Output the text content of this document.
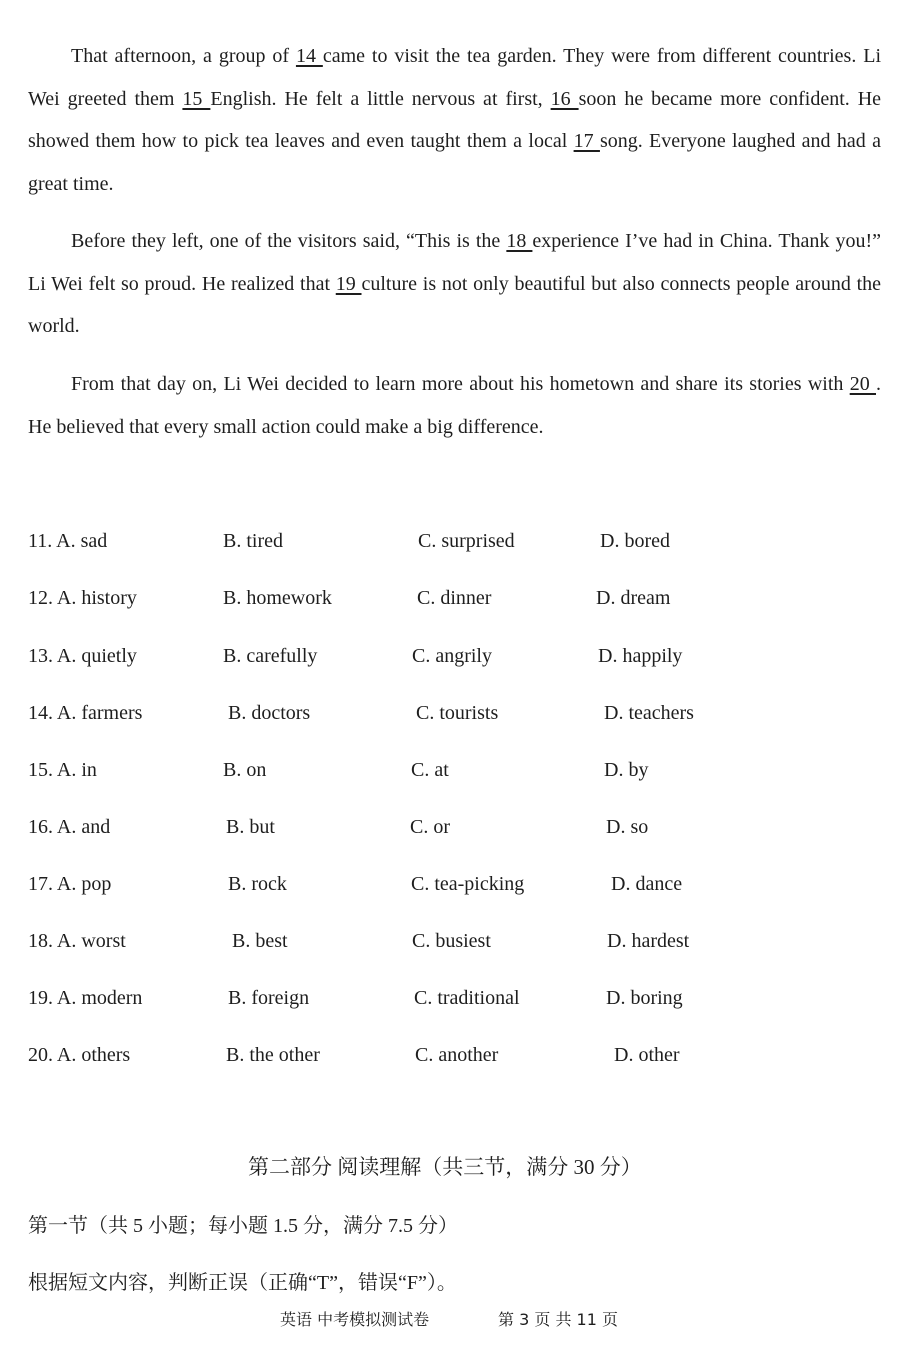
That afternoon, a group of 14 came to visit the tea garden. They were from different countries. Li Wei greeted them 15 English. He felt a little nervous at first, 16 soon he became more confident. He showed them how to pick tea leaves and even taught them a local 17 song. Everyone laughed and had a great time.

Before they left, one of the visitors said, “This is the 18 experience I’ve had in China. Thank you!” Li Wei felt so proud. He realized that 19 culture is not only beautiful but also connects people around the world.

From that day on, Li Wei decided to learn more about his hometown and share its stories with 20 . He believed that every small action could make a big difference.

11. A. sad	B. tired	C. surprised	D. bored
12. A. history	B. homework	C. dinner	D. dream
13. A. quietly	B. carefully	C. angrily	D. happily
14. A. farmers	B. doctors	C. tourists	D. teachers
15. A. in	B. on	C. at	D. by
16. A. and	B. but	C. or	D. so
17. A. pop	B. rock	C. tea-picking	D. dance
18. A. worst	B. best	C. busiest	D. hardest
19. A. modern	B. foreign	C. traditional	D. boring
20. A. others	B. the other	C. another	D. other
第二部分 阅读理解（共三节，满分 30 分）
第一节（共 5 小题；每小题 1.5 分，满分 7.5 分）
根据短文内容，判断正误（正确“T”，错误“F”）。
英语 中考模拟测试卷	第 3 页 共 11 页
